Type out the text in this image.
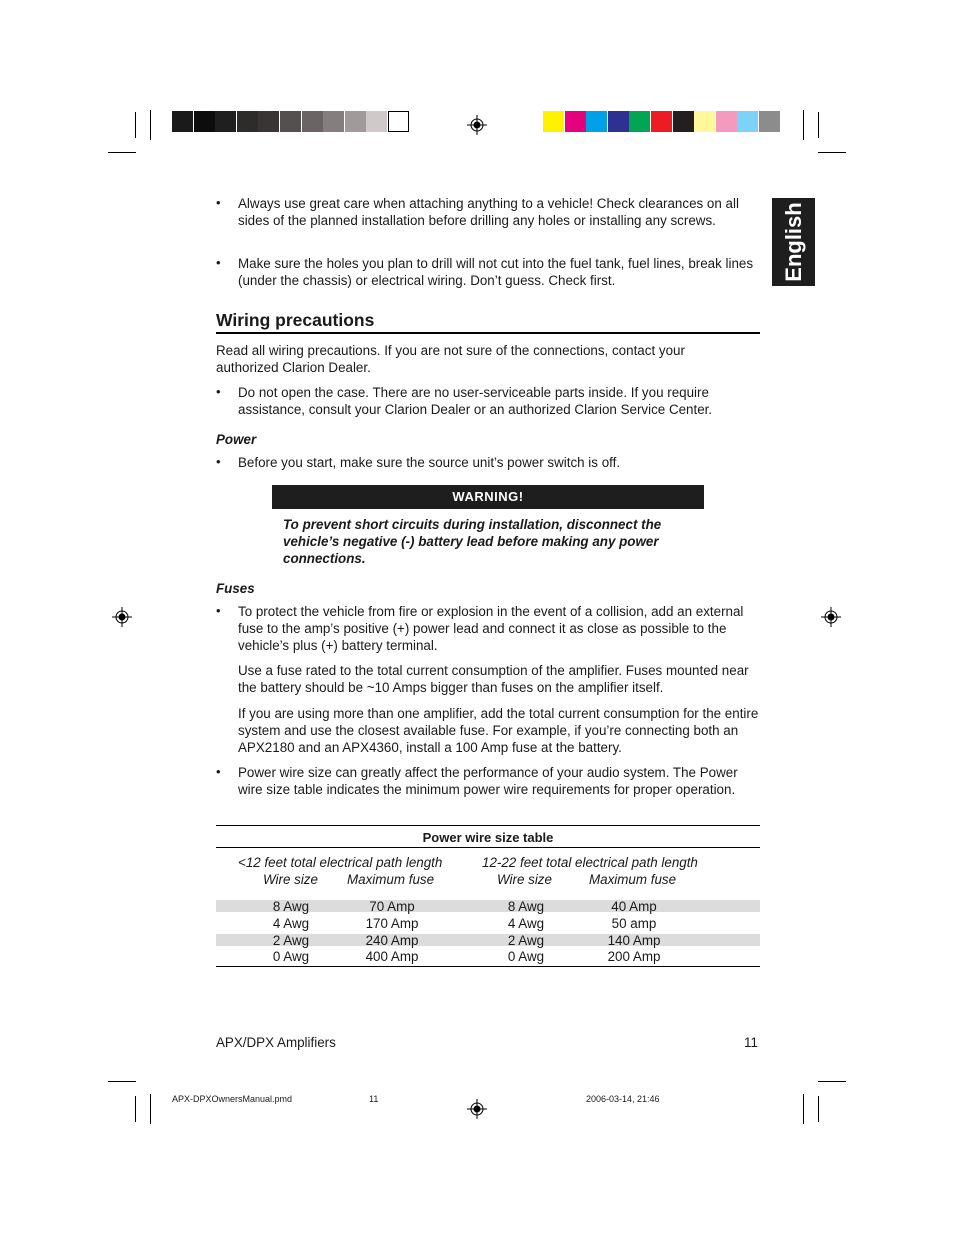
English
• Always use great care when attaching anything to a vehicle! Check clearances on all sides of the planned installation before drilling any holes or installing any screws.
• Make sure the holes you plan to drill will not cut into the fuel tank, fuel lines, break lines (under the chassis) or electrical wiring. Don’t guess. Check first.
Wiring precautions
Read all wiring precautions. If you are not sure of the connections, contact your authorized Clarion Dealer.
• Do not open the case. There are no user-serviceable parts inside. If you require assistance, consult your Clarion Dealer or an authorized Clarion Service Center.
Power
• Before you start, make sure the source unit’s power switch is off.
WARNING!
To prevent short circuits during installation, disconnect the vehicle’s negative (-) battery lead before making any power connections.
Fuses
• To protect the vehicle from fire or explosion in the event of a collision, add an external fuse to the amp’s positive (+) power lead and connect it as close as possible to the vehicle’s plus (+) battery terminal.
Use a fuse rated to the total current consumption of the amplifier. Fuses mounted near the battery should be ~10 Amps bigger than fuses on the amplifier itself.
If you are using more than one amplifier, add the total current consumption for the entire system and use the closest available fuse. For example, if you’re connecting both an APX2180 and an APX4360, install a 100 Amp fuse at the battery.
• Power wire size can greatly affect the performance of your audio system. The Power wire size table indicates the minimum power wire requirements for proper operation.
Power wire size table
<12 feet total electrical path length	12-22 feet total electrical path length
Wire size Maximum fuse	Wire size	Maximum fuse
8 Awg	70 Amp	8 Awg	40 Amp
4 Awg	170 Amp	4 Awg	50 amp
2 Awg	240 Amp	2 Awg	140 Amp
0 Awg	400 Amp	0 Awg	200 Amp
APX/DPX Amplifiers	11
APX-DPXOwnersManual.pmd	11	2006-03-14, 21:46
